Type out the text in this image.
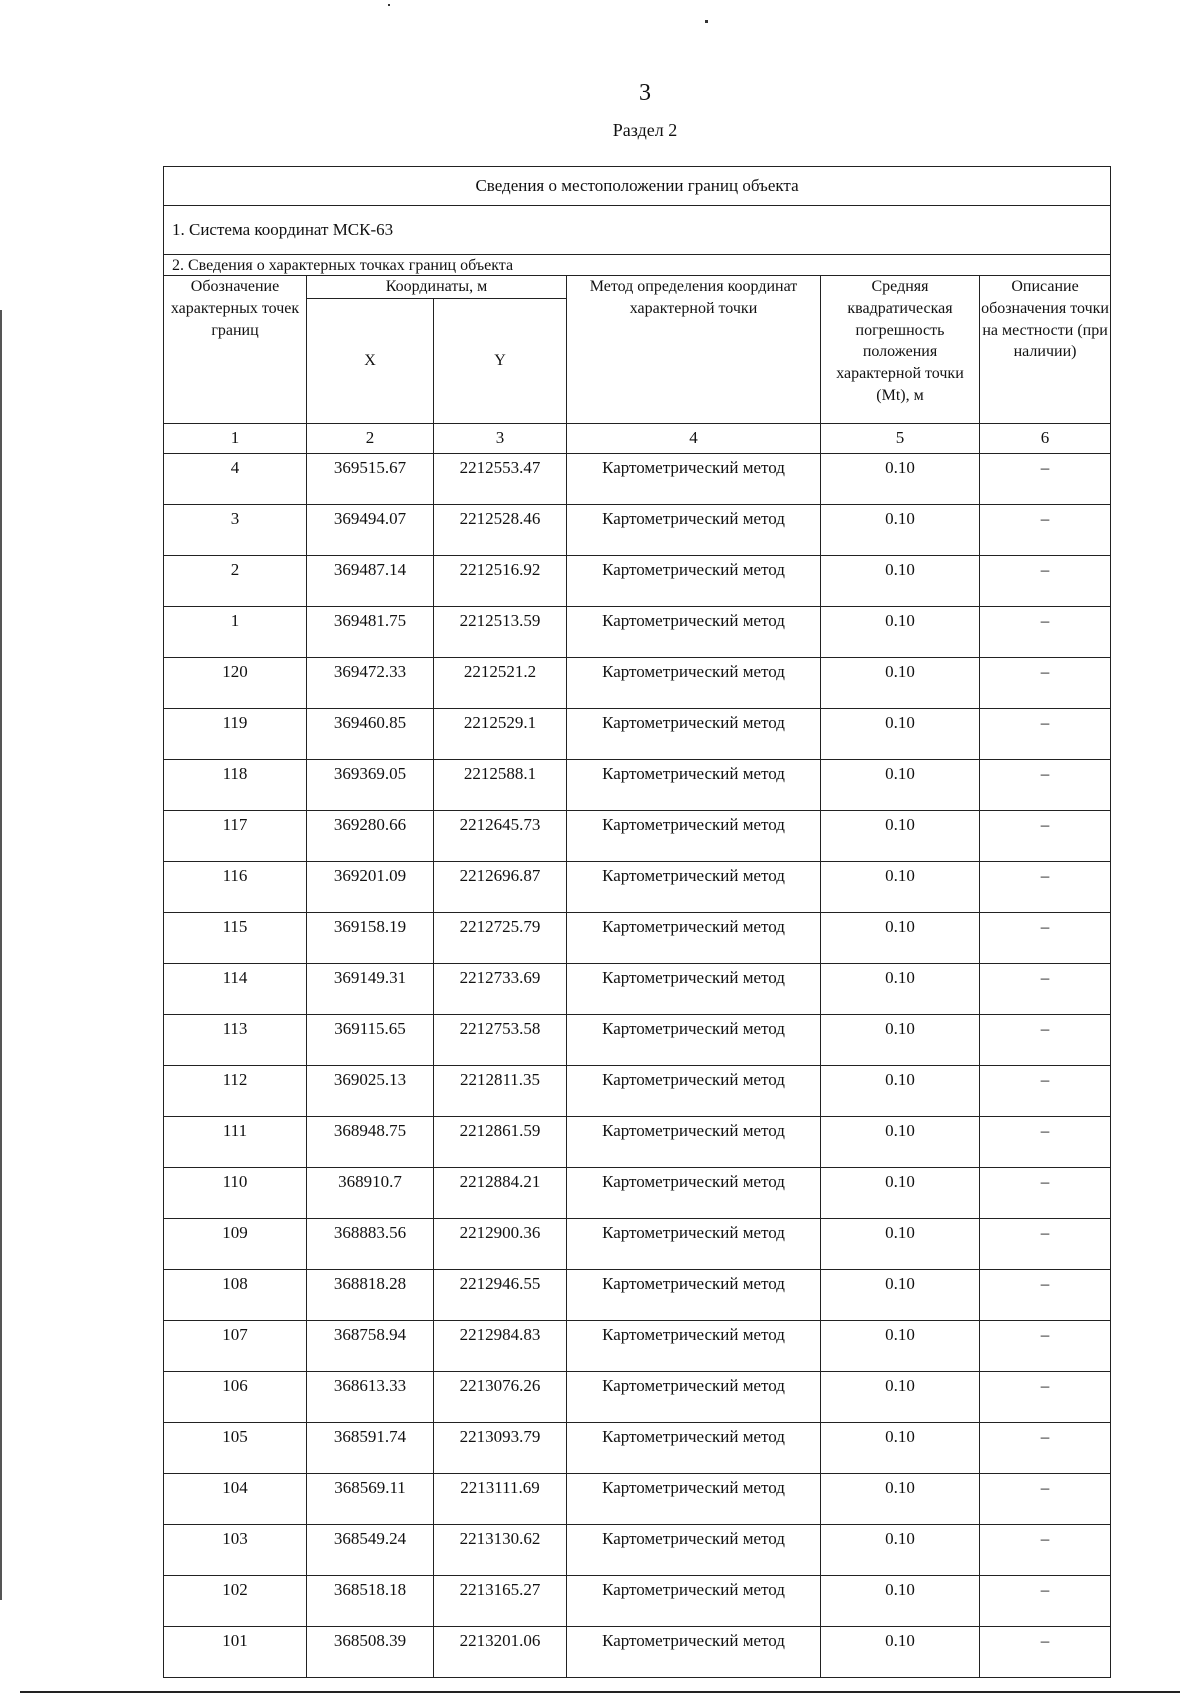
3
Раздел 2
Сведения о местоположении границ объекта					
1. Система координат МСК-63					
2. Сведения о характерных точках границ объекта					
Обозначение характерных точек границ	Координаты, м		Метод определения координат характерной точки	Средняя квадратическая погрешность положения характерной точки (Mt), м	Описание обозначения точки на местности (при наличии)
	X	Y			
1	2	3	4	5	6
4	369515.67	2212553.47	Картометрический метод	0.10	–
3	369494.07	2212528.46	Картометрический метод	0.10	–
2	369487.14	2212516.92	Картометрический метод	0.10	–
1	369481.75	2212513.59	Картометрический метод	0.10	–
120	369472.33	2212521.2	Картометрический метод	0.10	–
119	369460.85	2212529.1	Картометрический метод	0.10	–
118	369369.05	2212588.1	Картометрический метод	0.10	–
117	369280.66	2212645.73	Картометрический метод	0.10	–
116	369201.09	2212696.87	Картометрический метод	0.10	–
115	369158.19	2212725.79	Картометрический метод	0.10	–
114	369149.31	2212733.69	Картометрический метод	0.10	–
113	369115.65	2212753.58	Картометрический метод	0.10	–
112	369025.13	2212811.35	Картометрический метод	0.10	–
111	368948.75	2212861.59	Картометрический метод	0.10	–
110	368910.7	2212884.21	Картометрический метод	0.10	–
109	368883.56	2212900.36	Картометрический метод	0.10	–
108	368818.28	2212946.55	Картометрический метод	0.10	–
107	368758.94	2212984.83	Картометрический метод	0.10	–
106	368613.33	2213076.26	Картометрический метод	0.10	–
105	368591.74	2213093.79	Картометрический метод	0.10	–
104	368569.11	2213111.69	Картометрический метод	0.10	–
103	368549.24	2213130.62	Картометрический метод	0.10	–
102	368518.18	2213165.27	Картометрический метод	0.10	–
101	368508.39	2213201.06	Картометрический метод	0.10	–
